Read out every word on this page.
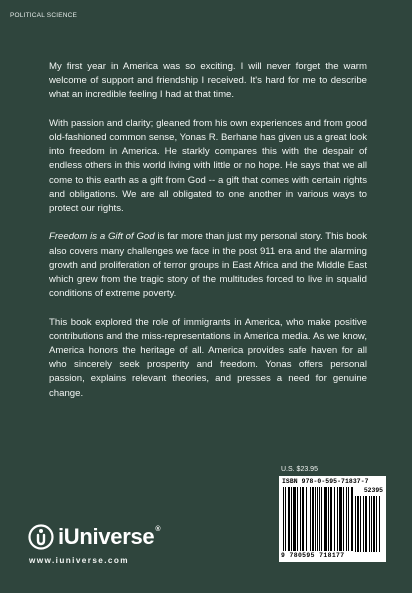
POLITICAL SCIENCE

My first year in America was so exciting. I will never forget the warm welcome of support and friendship I received. It's hard for me to describe what an incredible feeling I had at that time.

With passion and clarity; gleaned from his own experiences and from good old-fashioned common sense, Yonas R. Berhane has given us a great look into freedom in America. He starkly compares this with the despair of endless others in this world living with little or no hope. He says that we all come to this earth as a gift from God -- a gift that comes with certain rights and obligations. We are all obligated to one another in various ways to protect our rights.

Freedom is a Gift of God is far more than just my personal story. This book also covers many challenges we face in the post 911 era and the alarming growth and proliferation of terror groups in East Africa and the Middle East which grew from the tragic story of the multitudes forced to live in squalid conditions of extreme poverty.

This book explored the role of immigrants in America, who make positive contributions and the miss-representations in America media. As we know, America honors the heritage of all. America provides safe haven for all who sincerely seek prosperity and freedom. Yonas offers personal passion, explains relevant theories, and presses a need for genuine change.

U.S. $23.95
ISBN 978-0-595-71837-7
52395
9 780595 718177
iUniverse®
www.iuniverse.com
